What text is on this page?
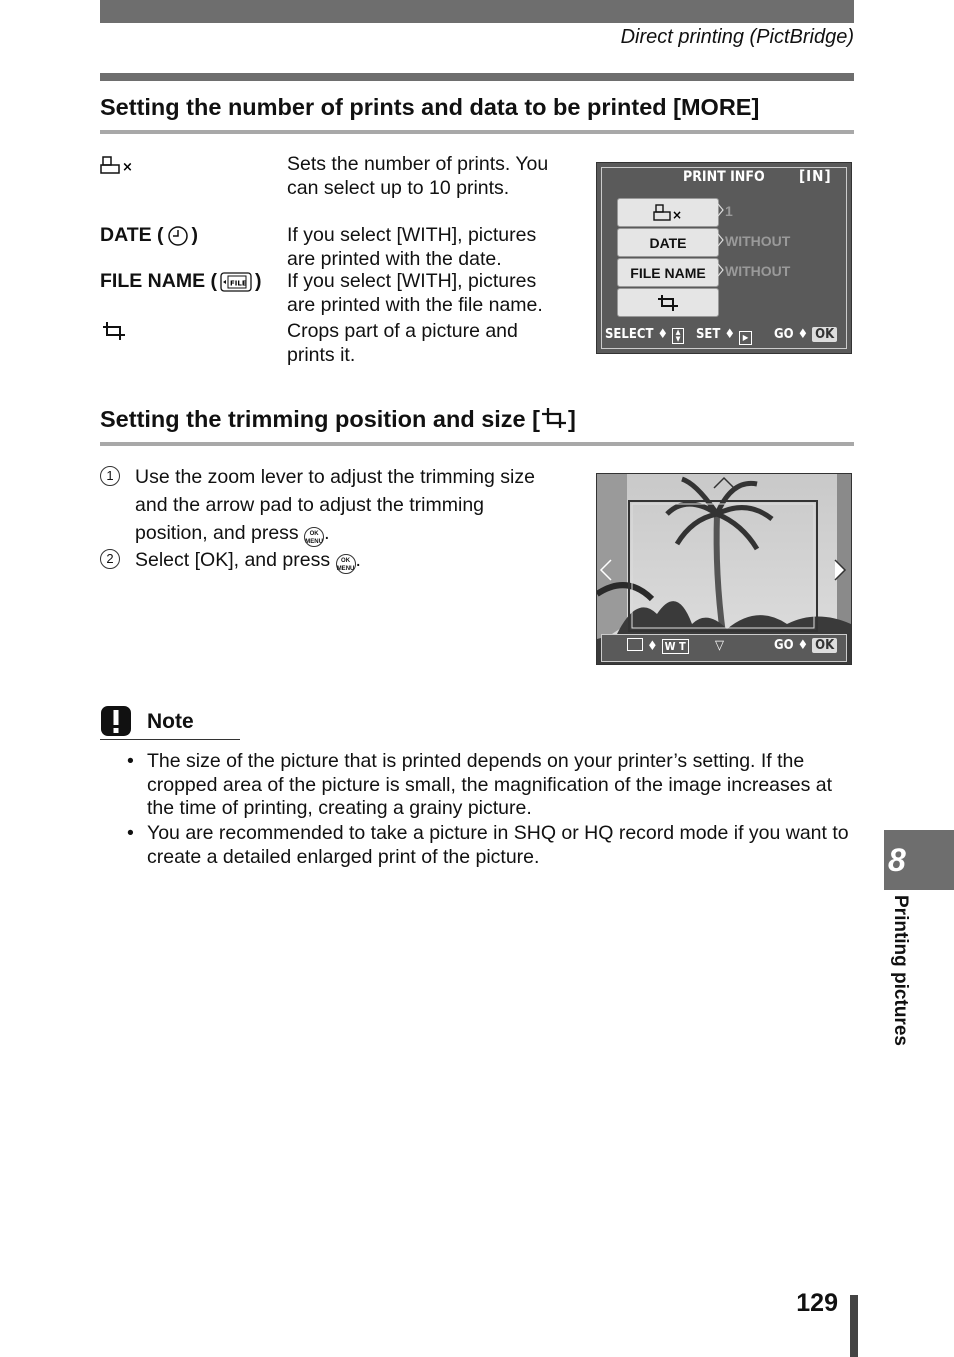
Direct printing (PictBridge)
Setting the number of prints and data to be printed [MORE]
×	Sets the number of prints. You can select up to 10 prints.
DATE ( )	If you select [WITH], pictures are printed with the date.
FILE NAME ( FILE ) If you select [WITH], pictures are printed with the file name.
Crops part of a picture and prints it.
PRINT INFO [IN]
×	1
DATE	WITHOUT
FILE NAME	WITHOUT
SELECT ♦ ▲
▼ SET ♦ ▶ GO ♦ OK
Setting the trimming position and size [ ]
1	Use the zoom lever to adjust the trimming size and the arrow pad to adjust the trimming position, and press OK
MENU.
2	Select [OK], and press OK
MENU.
♦ W T ▽	GO ♦ OK
Note
• The size of the picture that is printed depends on your printer’s setting. If the cropped area of the picture is small, the magnification of the image increases at the time of printing, creating a grainy picture.
• You are recommended to take a picture in SHQ or HQ record mode if you want to create a detailed enlarged print of the picture.	8
Printing pictures
129
